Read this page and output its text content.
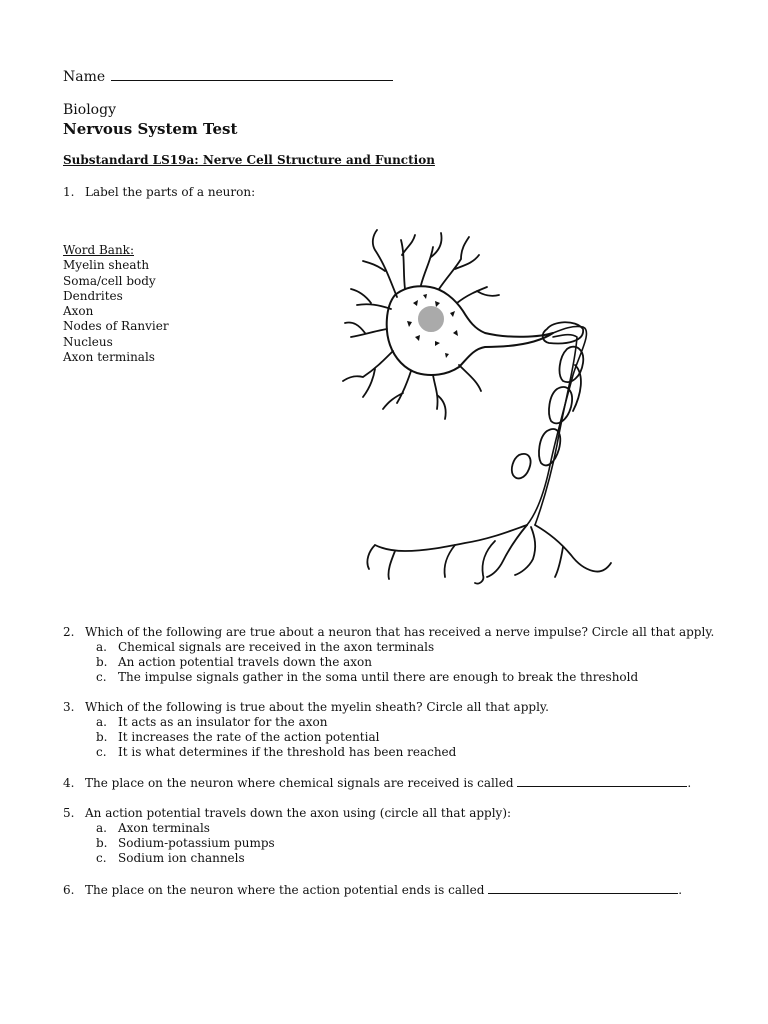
Name
Biology
Nervous System Test
Substandard LS19a: Nerve Cell Structure and Function
1. Label the parts of a neuron:
Word Bank:
Myelin sheath
Soma/cell body
Dendrites
Axon
Nodes of Ranvier
Nucleus
Axon terminals
2. Which of the following are true about a neuron that has received a nerve impulse? Circle all that apply.
a. Chemical signals are received in the axon terminals
b. An action potential travels down the axon
c. The impulse signals gather in the soma until there are enough to break the threshold
3. Which of the following is true about the myelin sheath? Circle all that apply.
a. It acts as an insulator for the axon
b. It increases the rate of the action potential
c. It is what determines if the threshold has been reached
4. The place on the neuron where chemical signals are received is called	.
5. An action potential travels down the axon using (circle all that apply):
a. Axon terminals
b. Sodium-potassium pumps
c. Sodium ion channels
6. The place on the neuron where the action potential ends is called	.
